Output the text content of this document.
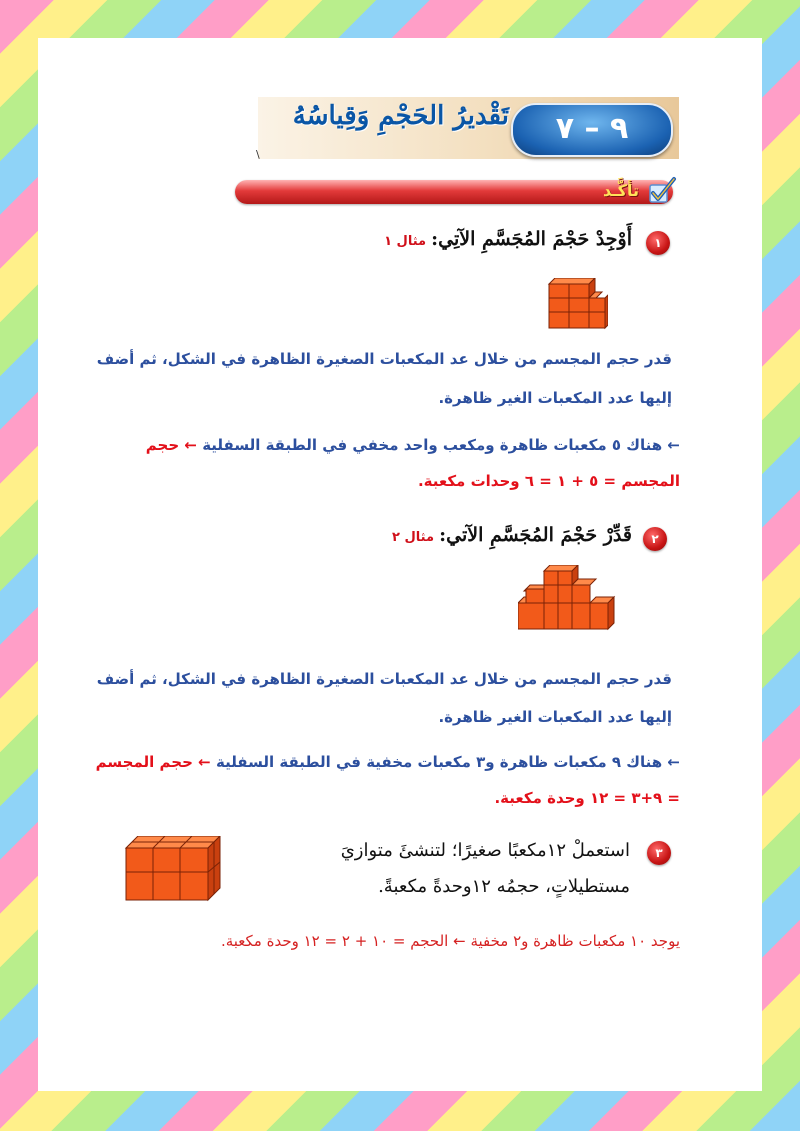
تَقْديرُ الحَجْمِ وَقِياسُهُ	٩ – ٧
\
تأكَّـد
١
أَوْجِدْ حَجْمَ المُجَسَّمِ الآتِي: مثال ١
قدر حجم المجسم من خلال عد المكعبات الصغيرة الظاهرة في الشكل، ثم أضف
إليها عدد المكعبات الغير ظاهرة.
← هناك ٥ مكعبات ظاهرة ومكعب واحد مخفي في الطبقة السفلية ← حجم
المجسم = ٥ + ١ = ٦ وحدات مكعبة.
٢
قَدِّرْ حَجْمَ المُجَسَّمِ الآتي: مثال ٢
قدر حجم المجسم من خلال عد المكعبات الصغيرة الظاهرة في الشكل، ثم أضف
إليها عدد المكعبات الغير ظاهرة.
← هناك ٩ مكعبات ظاهرة و٣ مكعبات مخفية في الطبقة السفلية ← حجم المجسم
= ٩+٣ = ١٢ وحدة مكعبة.
٣
استعملْ ١٢مكعبًا صغيرًا؛ لتنشئَ متوازيَ
مستطيلاتٍ، حجمُه ١٢وحدةً مكعبةً.
يوجد ١٠ مكعبات ظاهرة و٢ مخفية ← الحجم = ١٠ + ٢ = ١٢ وحدة مكعبة.
